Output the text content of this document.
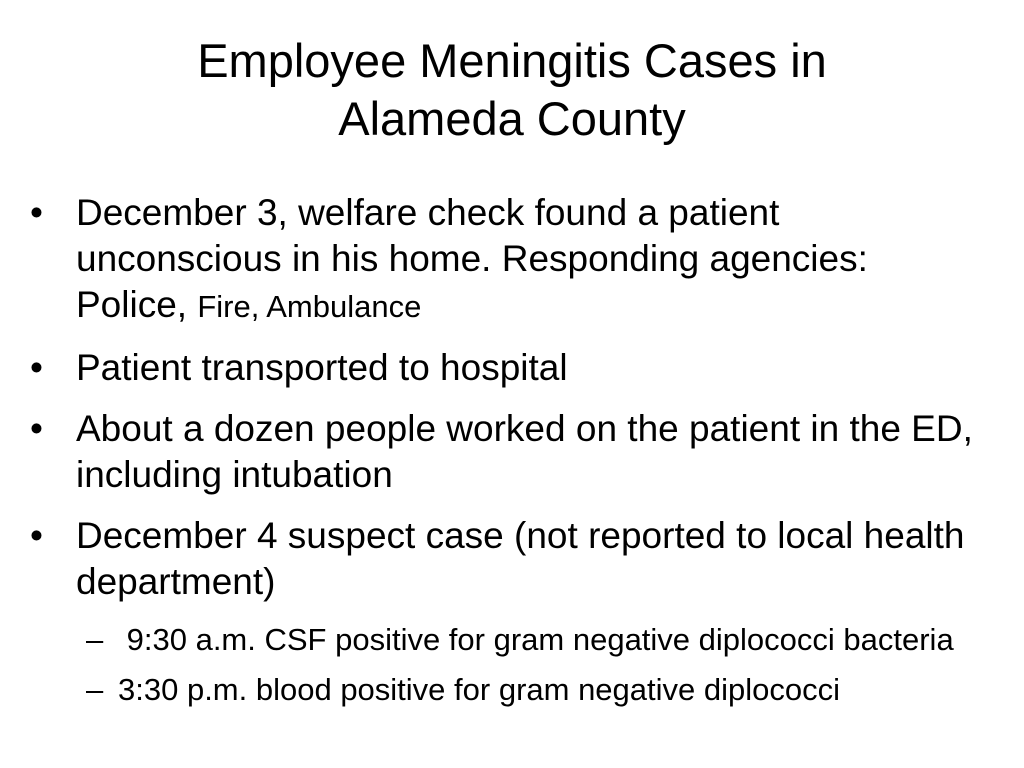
Employee Meningitis Cases in
Alameda County
• December 3, welfare check found a patient unconscious in his home. Responding agencies: Police, Fire, Ambulance
• Patient transported to hospital
• About a dozen people worked on the patient in the ED, including intubation
• December 4 suspect case (not reported to local health department)
– 9:30 a.m. CSF positive for gram negative diplococci bacteria
– 3:30 p.m. blood positive for gram negative diplococci
